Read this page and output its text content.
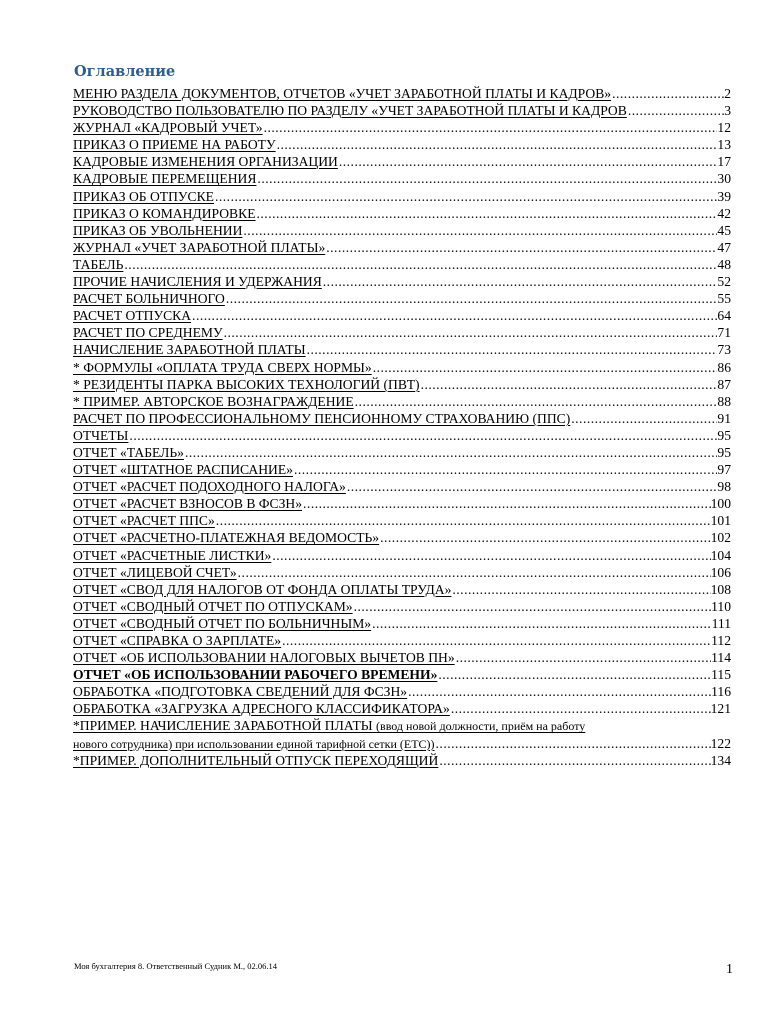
Оглавление
МЕНЮ РАЗДЕЛА ДОКУМЕНТОВ, ОТЧЕТОВ «УЧЕТ ЗАРАБОТНОЙ ПЛАТЫ И КАДРОВ» .....	2
РУКОВОДСТВО ПОЛЬЗОВАТЕЛЮ ПО РАЗДЕЛУ «УЧЕТ ЗАРАБОТНОЙ ПЛАТЫ И КАДРОВ .....	3
ЖУРНАЛ «КАДРОВЫЙ УЧЕТ» .....	12
ПРИКАЗ О ПРИЕМЕ НА РАБОТУ .....	13
КАДРОВЫЕ ИЗМЕНЕНИЯ ОРГАНИЗАЦИИ .....	17
КАДРОВЫЕ ПЕРЕМЕЩЕНИЯ .....	30
ПРИКАЗ ОБ ОТПУСКЕ .....	39
ПРИКАЗ О КОМАНДИРОВКЕ .....	42
ПРИКАЗ ОБ УВОЛЬНЕНИИ .....	45
ЖУРНАЛ «УЧЕТ ЗАРАБОТНОЙ ПЛАТЫ» .....	47
ТАБЕЛЬ .....	48
ПРОЧИЕ НАЧИСЛЕНИЯ И УДЕРЖАНИЯ .....	52
РАСЧЕТ БОЛЬНИЧНОГО .....	55
РАСЧЕТ ОТПУСКА .....	64
РАСЧЕТ ПО СРЕДНЕМУ .....	71
НАЧИСЛЕНИЕ ЗАРАБОТНОЙ ПЛАТЫ .....	73
* ФОРМУЛЫ «ОПЛАТА ТРУДА СВЕРХ НОРМЫ» .....	86
* РЕЗИДЕНТЫ ПАРКА ВЫСОКИХ ТЕХНОЛОГИЙ (ПВТ) .....	87
* ПРИМЕР. АВТОРСКОЕ ВОЗНАГРАЖДЕНИЕ .....	88
РАСЧЕТ ПО ПРОФЕССИОНАЛЬНОМУ ПЕНСИОННОМУ СТРАХОВАНИЮ (ППС) .....	91
ОТЧЕТЫ .....	95
ОТЧЕТ «ТАБЕЛЬ» .....	95
ОТЧЕТ «ШТАТНОЕ РАСПИСАНИЕ» .....	97
ОТЧЕТ «РАСЧЕТ ПОДОХОДНОГО НАЛОГА» .....	98
ОТЧЕТ «РАСЧЕТ ВЗНОСОВ В ФСЗН» .....	100
ОТЧЕТ «РАСЧЕТ ППС» .....	101
ОТЧЕТ «РАСЧЕТНО-ПЛАТЕЖНАЯ ВЕДОМОСТЬ» .....	102
ОТЧЕТ «РАСЧЕТНЫЕ ЛИСТКИ» .....	104
ОТЧЕТ «ЛИЦЕВОЙ СЧЕТ» .....	106
ОТЧЕТ «СВОД ДЛЯ НАЛОГОВ ОТ ФОНДА ОПЛАТЫ ТРУДА» .....	108
ОТЧЕТ «СВОДНЫЙ ОТЧЕТ ПО ОТПУСКАМ» .....	110
ОТЧЕТ «СВОДНЫЙ ОТЧЕТ ПО БОЛЬНИЧНЫМ» .....	111
ОТЧЕТ «СПРАВКА О ЗАРПЛАТЕ» .....	112
ОТЧЕТ «ОБ ИСПОЛЬЗОВАНИИ НАЛОГОВЫХ ВЫЧЕТОВ ПН» .....	114
ОТЧЕТ «ОБ ИСПОЛЬЗОВАНИИ РАБОЧЕГО ВРЕМЕНИ» .....	115
ОБРАБОТКА «ПОДГОТОВКА СВЕДЕНИЙ ДЛЯ ФСЗН» .....	116
ОБРАБОТКА «ЗАГРУЗКА АДРЕСНОГО КЛАССИФИКАТОРА» .....	121
*ПРИМЕР. НАЧИСЛЕНИЕ ЗАРАБОТНОЙ ПЛАТЫ (ввод новой должности, приём на работу
нового сотрудника) при использовании единой тарифной сетки (ЕТС)) .....	122
*ПРИМЕР. ДОПОЛНИТЕЛЬНЫЙ ОТПУСК ПЕРЕХОДЯЩИЙ .....	134
Моя бухгалтерия 8. Ответственный Судник М., 02.06.14	1
